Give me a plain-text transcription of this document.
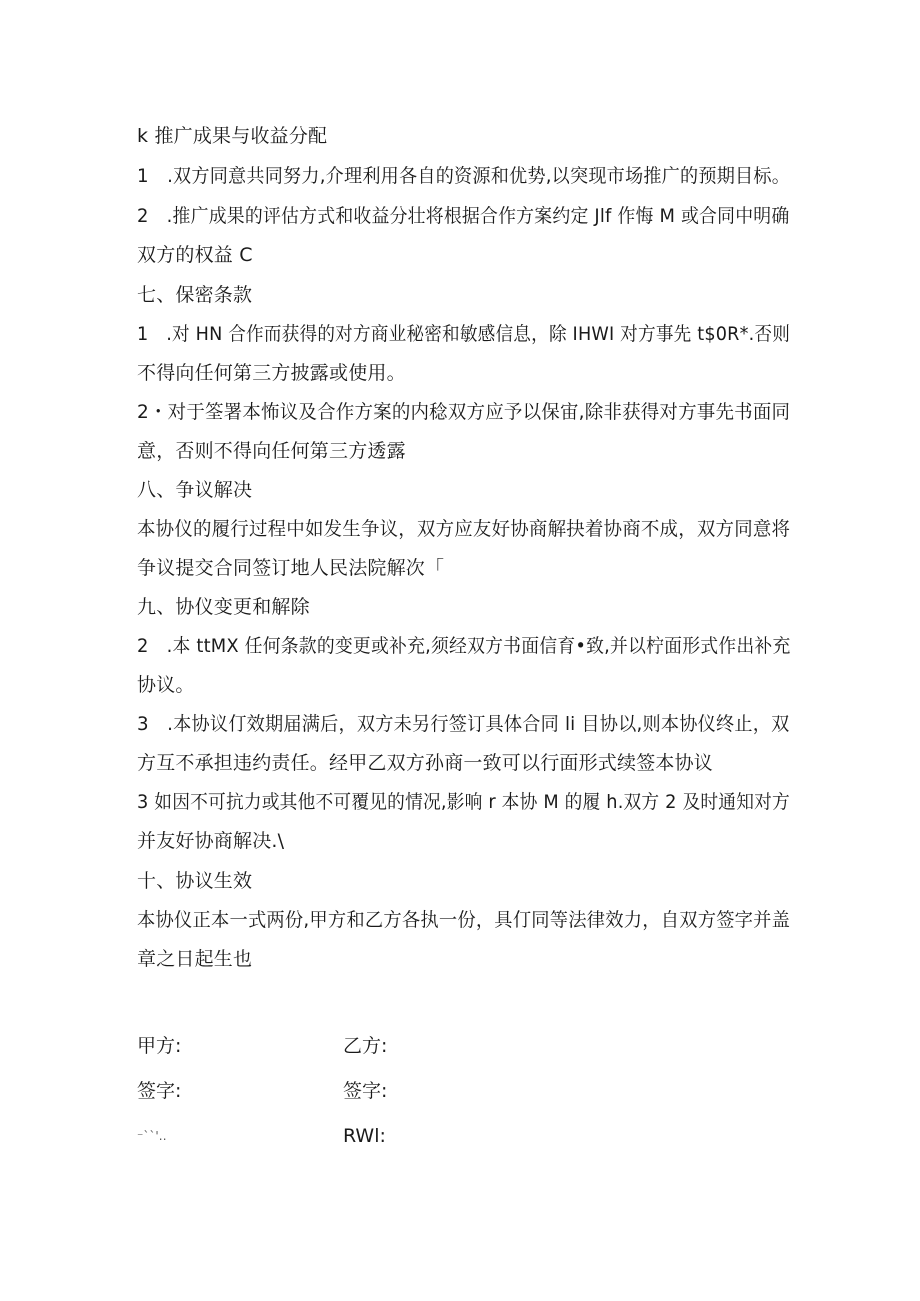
k 推广成果与收益分配
1　.双方同意共同努力,介理利用各自的资源和优势,以突现市场推广的预期目标。
2　.推广成果的评估方式和收益分壮将根据合作方案约定 Jlf 作悔 M 或合同中明确
双方的权益 C
七、保密条款
1　.对 HN 合作而获得的对方商业秘密和敏感信息，除 IHWI 对方事先 t$0R*.否则
不得向任何第三方披露或使用。
2・对于筌署本怖议及合作方案的内稔双方应予以保宙,除非获得对方事先书面同
意，否则不得向任何第三方透露
八、争议解决
本协仪的履行过程中如发生争议，双方应友好协商解抉着协商不成，双方同意将
争议提交合同签订地人民法院解次「
九、协仪变更和解除
2　.本 ttMX 任何条款的变更或补充,须经双方书面信育•致,并以柠面形式作出补充
协议。
3　.本协议仃效期届满后，双方未另行签订具体合同 li 目协以,则本协仪终止，双
方互不承担违约责任。经甲乙双方孙商一致可以行面形式续签本协议
3 如因不可抗力或其他不可覆见的情况,影响 r 本协 M 的履 h.双方 2 及时通知对方
并友好协商解决.\
十、协议生效
本协仪正本一式两份,甲方和乙方各执一份，具仃同等法律效力，自双方签字并盖
章之日起生也
甲方:	乙方:
签字:	签字:
⁻``'‥	RWl:
